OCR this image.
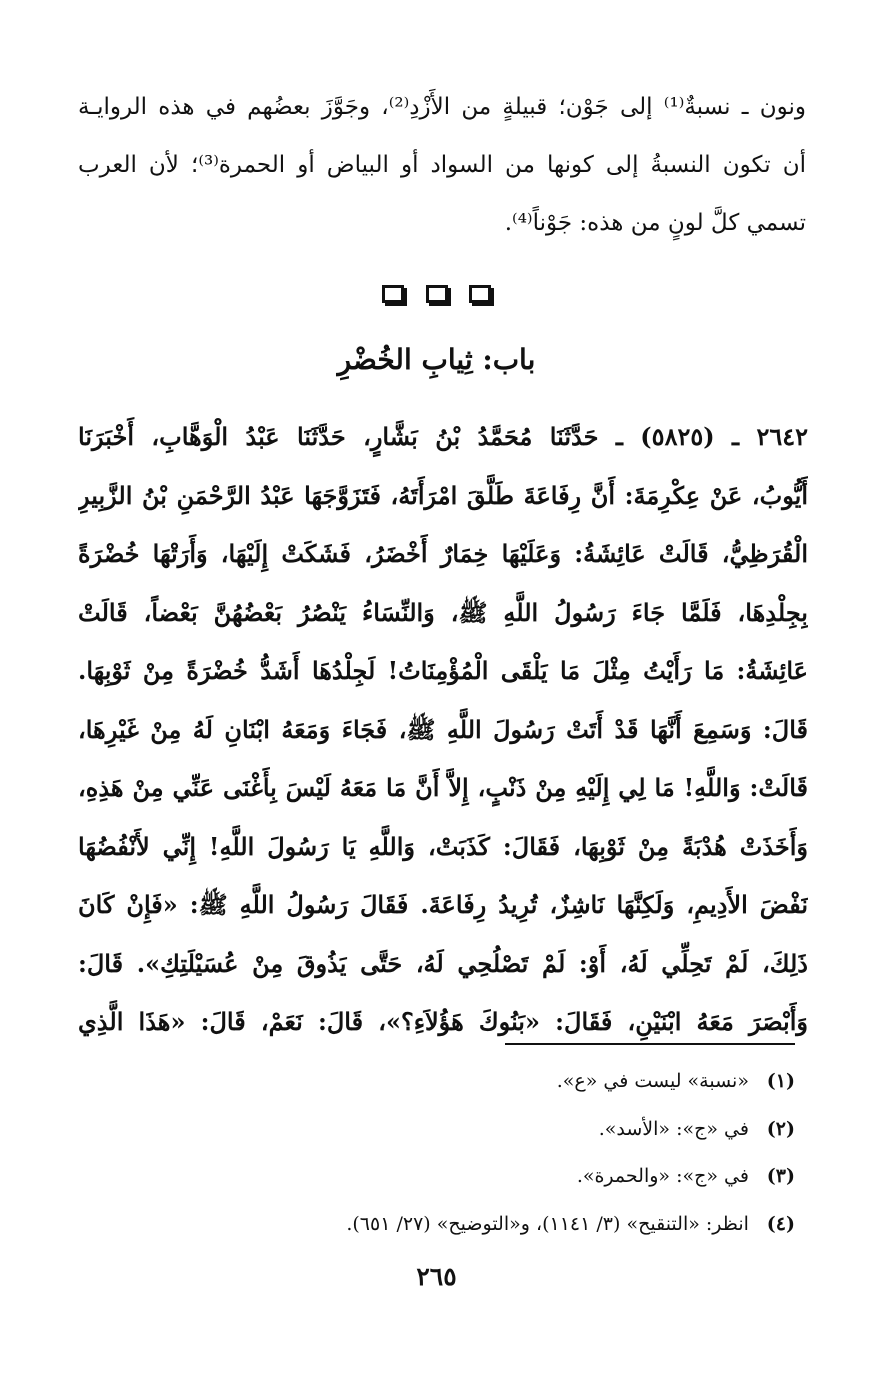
ونون ـ نسبةٌ⁽¹⁾ إلى جَوْن؛ قبيلةٍ من الأَزْدِ⁽²⁾، وجَوَّزَ بعضُهم في هذه الروايـة
أن تكون النسبةُ إلى كونها من السواد أو البياض أو الحمرة⁽³⁾؛ لأن العرب
تسمي كلَّ لونٍ من هذه: جَوْناً⁽⁴⁾.

باب: ثِيابِ الخُضْرِ
٢٦٤٢ ـ (٥٨٢٥) ـ حَدَّثَنَا مُحَمَّدُ بْنُ بَشَّارٍ، حَدَّثَنَا عَبْدُ الْوَهَّابِ، أَخْبَرَنَا
أَيُّوبُ، عَنْ عِكْرِمَةَ: أَنَّ رِفَاعَةَ طَلَّقَ امْرَأَتَهُ، فَتَزَوَّجَهَا عَبْدُ الرَّحْمَنِ بْنُ الزَّبِيرِ
الْقُرَظِيُّ، قَالَتْ عَائِشَةُ: وَعَلَيْهَا خِمَارٌ أَخْضَرُ، فَشَكَتْ إِلَيْهَا، وَأَرَتْهَا خُضْرَةً
بِجِلْدِهَا، فَلَمَّا جَاءَ رَسُولُ اللَّهِ ﷺ، وَالنِّسَاءُ يَنْصُرُ بَعْضُهُنَّ بَعْضاً، قَالَتْ
عَائِشَةُ: مَا رَأَيْتُ مِثْلَ مَا يَلْقَى الْمُؤْمِنَاتُ! لَجِلْدُهَا أَشَدُّ خُضْرَةً مِنْ ثَوْبِهَا.
قَالَ: وَسَمِعَ أَنَّهَا قَدْ أَتَتْ رَسُولَ اللَّهِ ﷺ، فَجَاءَ وَمَعَهُ ابْنَانِ لَهُ مِنْ غَيْرِهَا،
قَالَتْ: وَاللَّهِ! مَا لِي إِلَيْهِ مِنْ ذَنْبٍ، إِلاَّ أَنَّ مَا مَعَهُ لَيْسَ بِأَغْنَى عَنِّي مِنْ هَذِهِ،
وَأَخَذَتْ هُدْبَةً مِنْ ثَوْبِهَا، فَقَالَ: كَذَبَتْ، وَاللَّهِ يَا رَسُولَ اللَّهِ! إِنِّي لأَنْفُضُهَا
نَفْضَ الأَدِيمِ، وَلَكِنَّهَا نَاشِزٌ، تُرِيدُ رِفَاعَةَ. فَقَالَ رَسُولُ اللَّهِ ﷺ: «فَإِنْ كَانَ
ذَلِكَ، لَمْ تَحِلِّي لَهُ، أَوْ: لَمْ تَصْلُحِي لَهُ، حَتَّى يَذُوقَ مِنْ عُسَيْلَتِكِ». قَالَ:
وَأَبْصَرَ مَعَهُ ابْنَيْنِ، فَقَالَ: «بَنُوكَ هَؤُلاَءِ؟»، قَالَ: نَعَمْ، قَالَ: «هَذَا الَّذِي
(١) «نسبة» ليست في «ع».
(٢) في «ج»: «الأسد».
(٣) في «ج»: «والحمرة».
(٤) انظر: «التنقيح» (٣/ ١١٤١)، و«التوضيح» (٢٧/ ٦٥١).
٢٦٥
